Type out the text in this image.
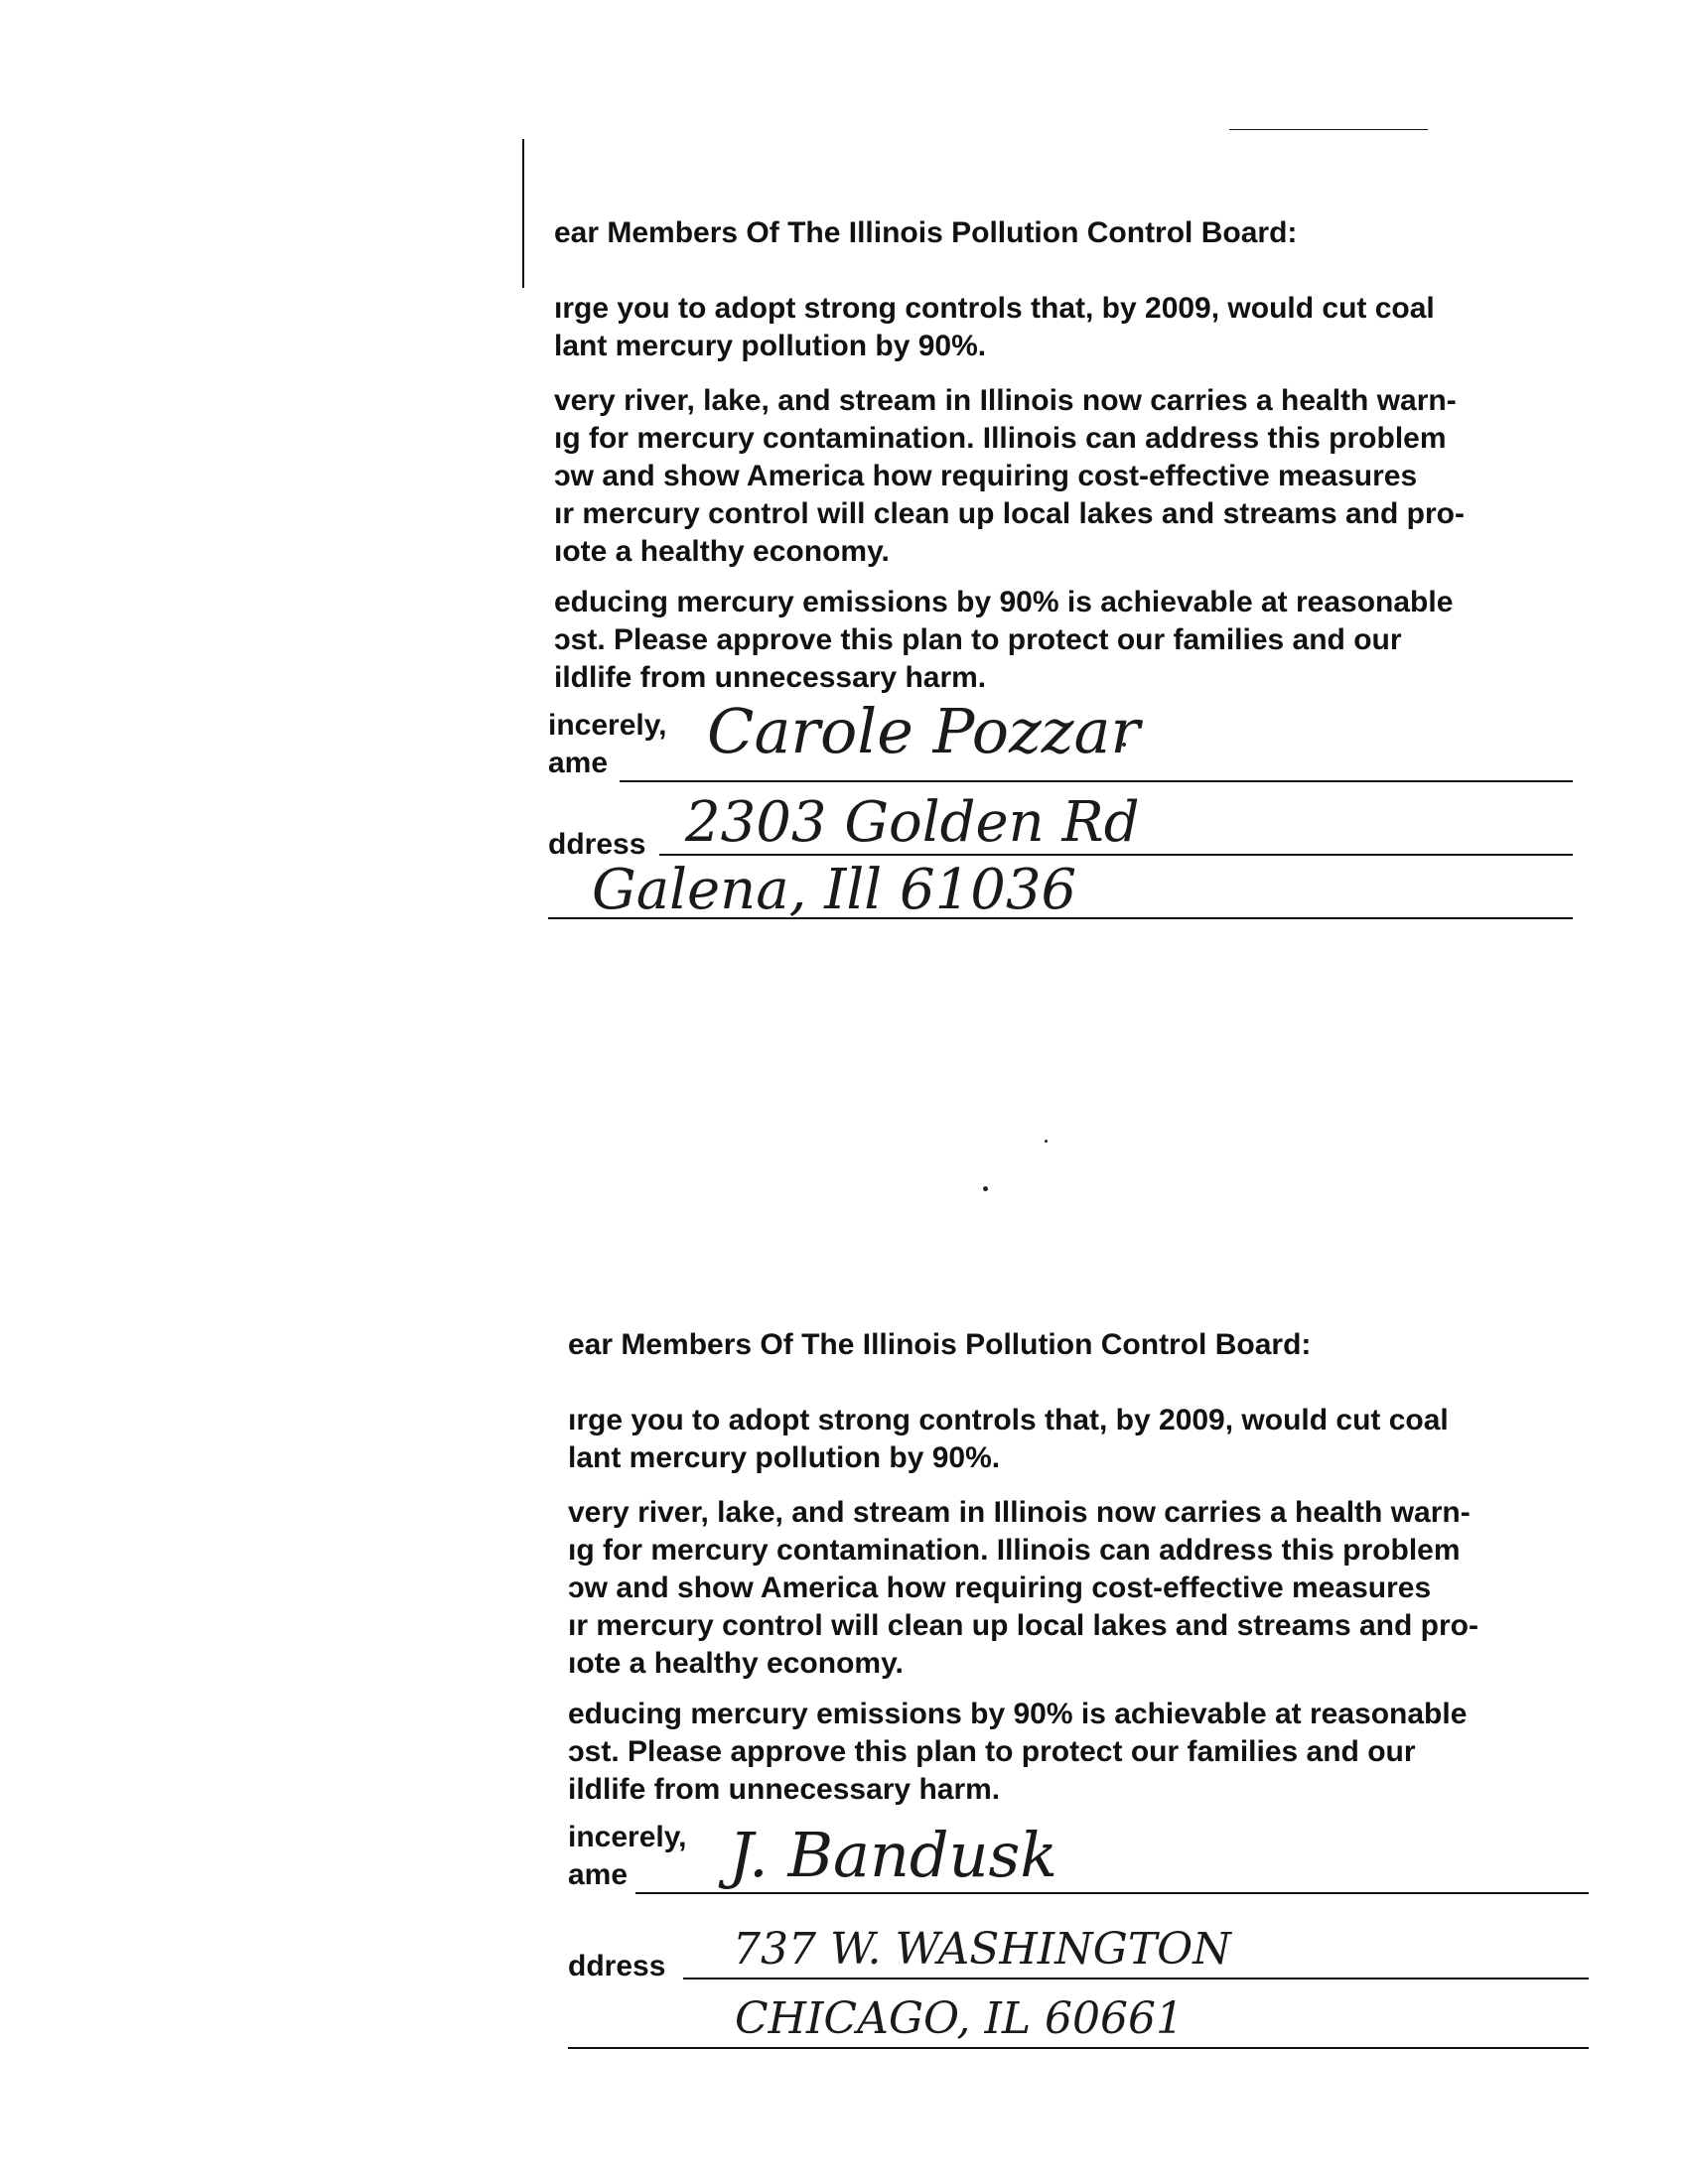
ear Members Of The Illinois Pollution Control Board:
ırge you to adopt strong controls that, by 2009, would cut coal
lant mercury pollution by 90%.
very river, lake, and stream in Illinois now carries a health warn-
ıg for mercury contamination. Illinois can address this problem
ɔw and show America how requiring cost-effective measures
ır mercury control will clean up local lakes and streams and pro-
ıote a healthy economy.
educing mercury emissions by 90% is achievable at reasonable
ɔst. Please approve this plan to protect our families and our
ildlife from unnecessary harm.
incerely,
ame Carole Pozzar
ddress 2303 Golden Rd
Galena, Ill 61036
ear Members Of The Illinois Pollution Control Board:
ırge you to adopt strong controls that, by 2009, would cut coal
lant mercury pollution by 90%.
very river, lake, and stream in Illinois now carries a health warn-
ıg for mercury contamination. Illinois can address this problem
ɔw and show America how requiring cost-effective measures
ır mercury control will clean up local lakes and streams and pro-
ıote a healthy economy.
educing mercury emissions by 90% is achievable at reasonable
ɔst. Please approve this plan to protect our families and our
ildlife from unnecessary harm.
incerely,
ame J. Bandusk
ddress 737 W. WASHINGTON
CHICAGO, IL 60661
